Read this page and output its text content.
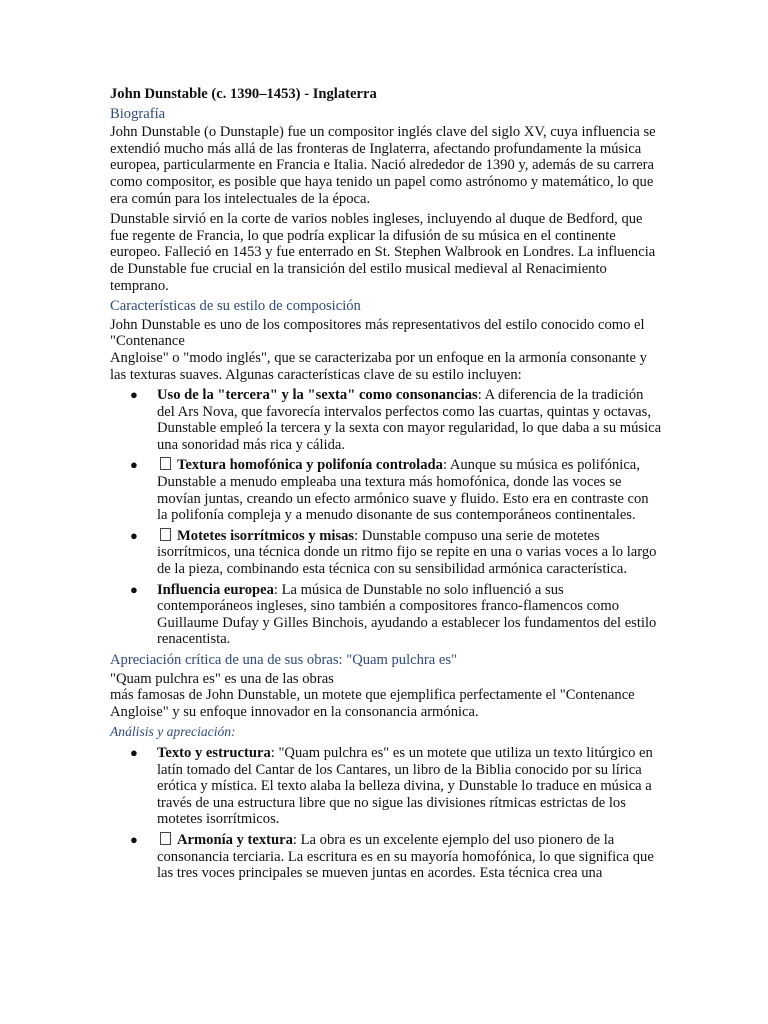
John Dunstable (c. 1390–1453) - Inglaterra
Biografía

John Dunstable (o Dunstaple) fue un compositor inglés clave del siglo XV, cuya influencia se extendió mucho más allá de las fronteras de Inglaterra, afectando profundamente la música europea, particularmente en Francia e Italia. Nació alrededor de 1390 y, además de su carrera como compositor, es posible que haya tenido un papel como astrónomo y matemático, lo que era común para los intelectuales de la época.

Dunstable sirvió en la corte de varios nobles ingleses, incluyendo al duque de Bedford, que fue regente de Francia, lo que podría explicar la difusión de su música en el continente europeo. Falleció en 1453 y fue enterrado en St. Stephen Walbrook en Londres. La influencia de Dunstable fue crucial en la transición del estilo musical medieval al Renacimiento temprano.

Características de su estilo de composición

John Dunstable es uno de los compositores más representativos del estilo conocido como el "Contenance

Angloise" o "modo inglés", que se caracterizaba por un enfoque en la armonía consonante y las texturas suaves. Algunas características clave de su estilo incluyen:

● Uso de la "tercera" y la "sexta" como consonancias: A diferencia de la tradición del Ars Nova, que favorecía intervalos perfectos como las cuartas, quintas y octavas, Dunstable empleó la tercera y la sexta con mayor regularidad, lo que daba a su música una sonoridad más rica y cálida.
●	Textura homofónica y polifonía controlada: Aunque su música es polifónica, Dunstable a menudo empleaba una textura más homofónica, donde las voces se movían juntas, creando un efecto armónico suave y fluido. Esto era en contraste con la polifonía compleja y a menudo disonante de sus contemporáneos continentales.
●	Motetes isorrítmicos y misas: Dunstable compuso una serie de motetes isorrítmicos, una técnica donde un ritmo fijo se repite en una o varias voces a lo largo de la pieza, combinando esta técnica con su sensibilidad armónica característica.
● Influencia europea: La música de Dunstable no solo influenció a sus contemporáneos ingleses, sino también a compositores franco-flamencos como Guillaume Dufay y Gilles Binchois, ayudando a establecer los fundamentos del estilo renacentista.
Apreciación crítica de una de sus obras: "Quam pulchra es"

"Quam pulchra es" es una de las obras

más famosas de John Dunstable, un motete que ejemplifica perfectamente el "Contenance Angloise" y su enfoque innovador en la consonancia armónica.

Análisis y apreciación:
● Texto y estructura: "Quam pulchra es" es un motete que utiliza un texto litúrgico en latín tomado del Cantar de los Cantares, un libro de la Biblia conocido por su lírica erótica y mística. El texto alaba la belleza divina, y Dunstable lo traduce en música a través de una estructura libre que no sigue las divisiones rítmicas estrictas de los motetes isorrítmicos.
●	Armonía y textura: La obra es un excelente ejemplo del uso pionero de la consonancia terciaria. La escritura es en su mayoría homofónica, lo que significa que las tres voces principales se mueven juntas en acordes. Esta técnica crea una
